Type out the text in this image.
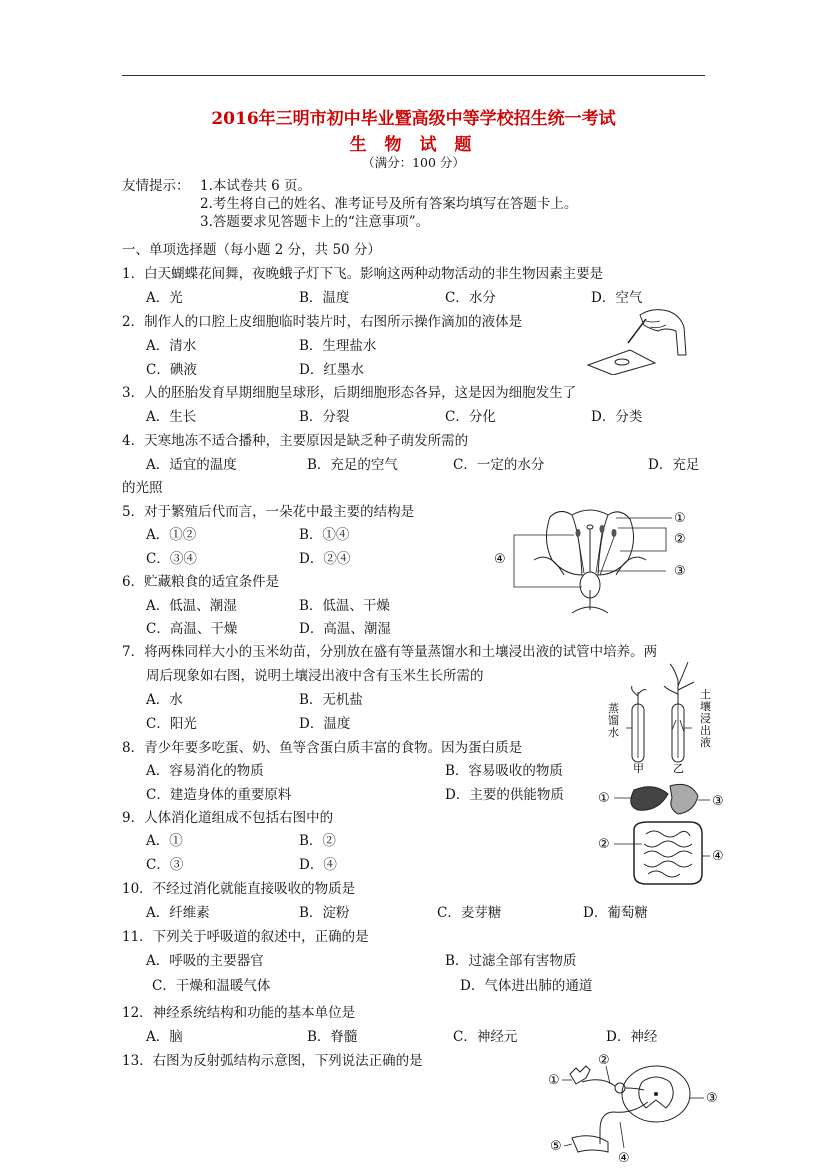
2016年三明市初中毕业暨高级中等学校招生统一考试
生 物 试 题
（满分：100 分）
友情提示： 1.本试卷共 6 页。
2.考生将自己的姓名、准考证号及所有答案均填写在答题卡上。
3.答题要求见答题卡上的“注意事项”。
一、单项选择题（每小题 2 分，共 50 分）
1．白天蝴蝶花间舞，夜晚蛾子灯下飞。影响这两种动物活动的非生物因素主要是
A．光	B．温度	C．水分	D．空气
2．制作人的口腔上皮细胞临时装片时，右图所示操作滴加的液体是
A．清水	B．生理盐水
C．碘液	D．红墨水
3．人的胚胎发育早期细胞呈球形，后期细胞形态各异，这是因为细胞发生了
A．生长	B．分裂	C．分化	D．分类
4．天寒地冻不适合播种，主要原因是缺乏种子萌发所需的
A．适宜的温度	B．充足的空气	C．一定的水分	D．充足
的光照
5．对于繁殖后代而言，一朵花中最主要的结构是
A．①②	B．①④
C．③④	D．②④
①
②
③
④
6．贮藏粮食的适宜条件是
A．低温、潮湿	B．低温、干燥
C．高温、干燥	D．高温、潮湿
7．将两株同样大小的玉米幼苗，分别放在盛有等量蒸馏水和土壤浸出液的试管中培养。两
周后现象如右图，说明土壤浸出液中含有玉米生长所需的
A．水	B．无机盐
C．阳光	D．温度
蒸馏水
土壤浸出液
甲	乙
8．青少年要多吃蛋、奶、鱼等含蛋白质丰富的食物。因为蛋白质是
A．容易消化的物质	B．容易吸收的物质
C．建造身体的重要原料	D．主要的供能物质	①
②
③
④
9．人体消化道组成不包括右图中的
A．①	B．②
C．③	D．④
10．不经过消化就能直接吸收的物质是
A．纤维素	B．淀粉	C．麦芽糖	D．葡萄糖
11．下列关于呼吸道的叙述中，正确的是
A．呼吸的主要器官	B．过滤全部有害物质
C．干燥和温暖气体	D．气体进出肺的通道
12．神经系统结构和功能的基本单位是
A．脑	B．脊髓	C．神经元	D．神经
13．右图为反射弧结构示意图，下列说法正确的是
①
②
③
④
⑤
